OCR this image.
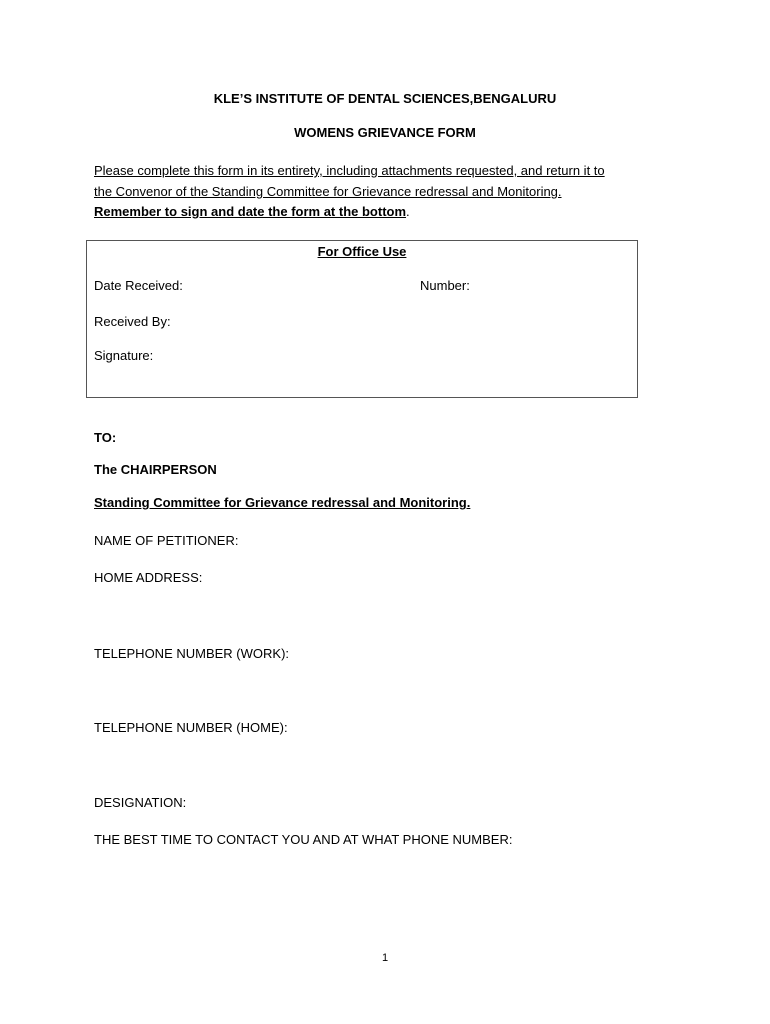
KLE’S INSTITUTE OF DENTAL SCIENCES,BENGALURU
WOMENS GRIEVANCE FORM
Please complete this form in its entirety, including attachments requested, and return it to
the Convenor of the Standing Committee for Grievance redressal and Monitoring.
Remember to sign and date the form at the bottom.
For Office Use
Date Received:	Number:
Received By:
Signature:
TO:
The CHAIRPERSON
Standing Committee for Grievance redressal and Monitoring.
NAME OF PETITIONER:
HOME ADDRESS:
TELEPHONE NUMBER (WORK):
TELEPHONE NUMBER (HOME):
DESIGNATION:
THE BEST TIME TO CONTACT YOU AND AT WHAT PHONE NUMBER:
1
